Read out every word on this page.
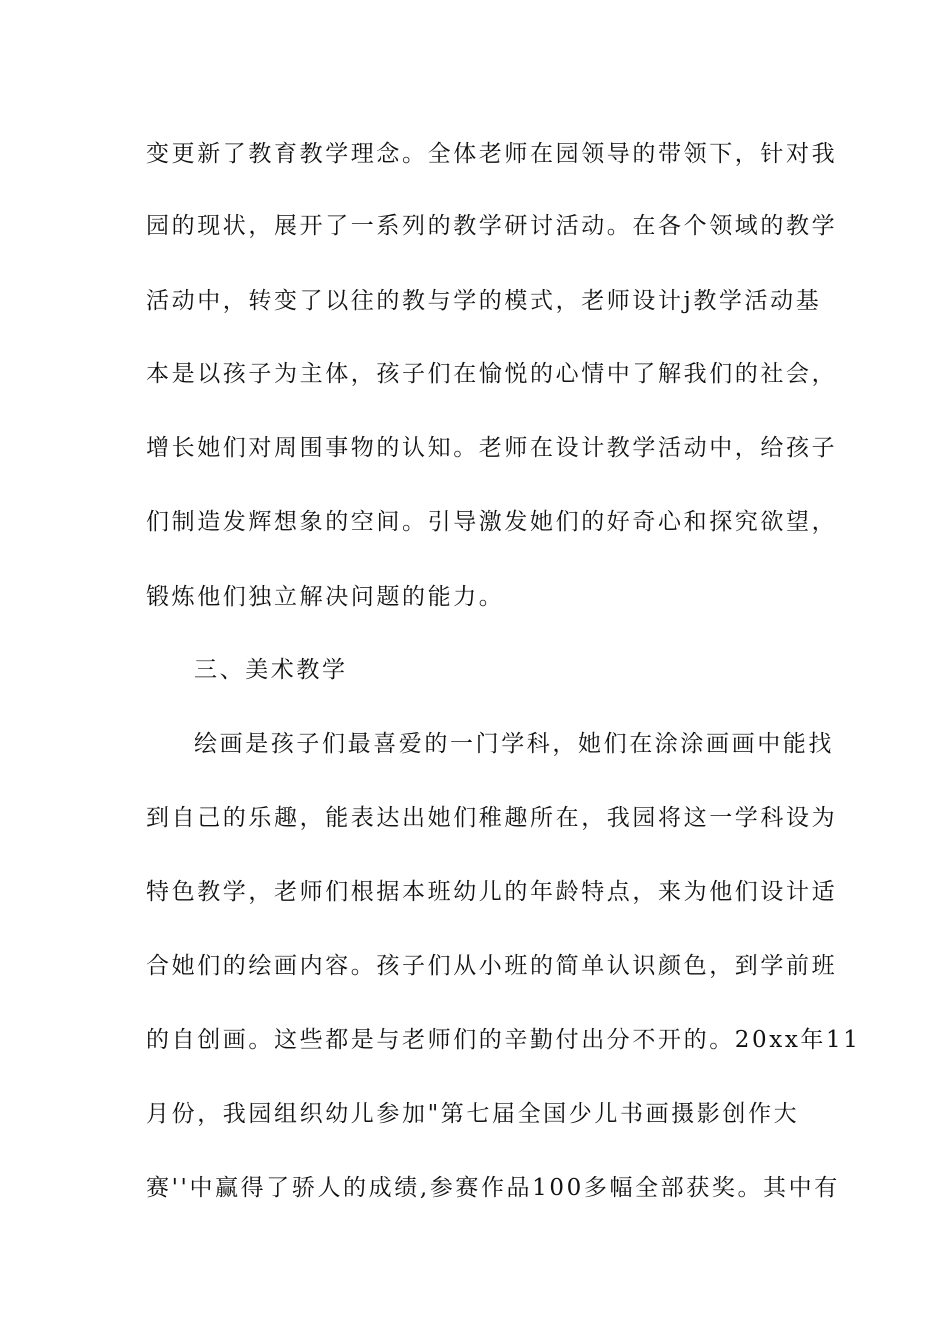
变更新了教育教学理念。全体老师在园领导的带领下，针对我
园的现状，展开了一系列的教学研讨活动。在各个领域的教学
活动中，转变了以往的教与学的模式，老师设计j教学活动基
本是以孩子为主体，孩子们在愉悦的心情中了解我们的社会，
增长她们对周围事物的认知。老师在设计教学活动中，给孩子
们制造发辉想象的空间。引导激发她们的好奇心和探究欲望，
锻炼他们独立解决问题的能力。
三、美术教学
绘画是孩子们最喜爱的一门学科，她们在涂涂画画中能找
到自己的乐趣，能表达出她们稚趣所在，我园将这一学科设为
特色教学，老师们根据本班幼儿的年龄特点，来为他们设计适
合她们的绘画内容。孩子们从小班的简单认识颜色，到学前班
的自创画。这些都是与老师们的辛勤付出分不开的。20xx年11
月份，我园组织幼儿参加"第七届全国少儿书画摄影创作大
赛''中赢得了骄人的成绩,参赛作品100多幅全部获奖。其中有
